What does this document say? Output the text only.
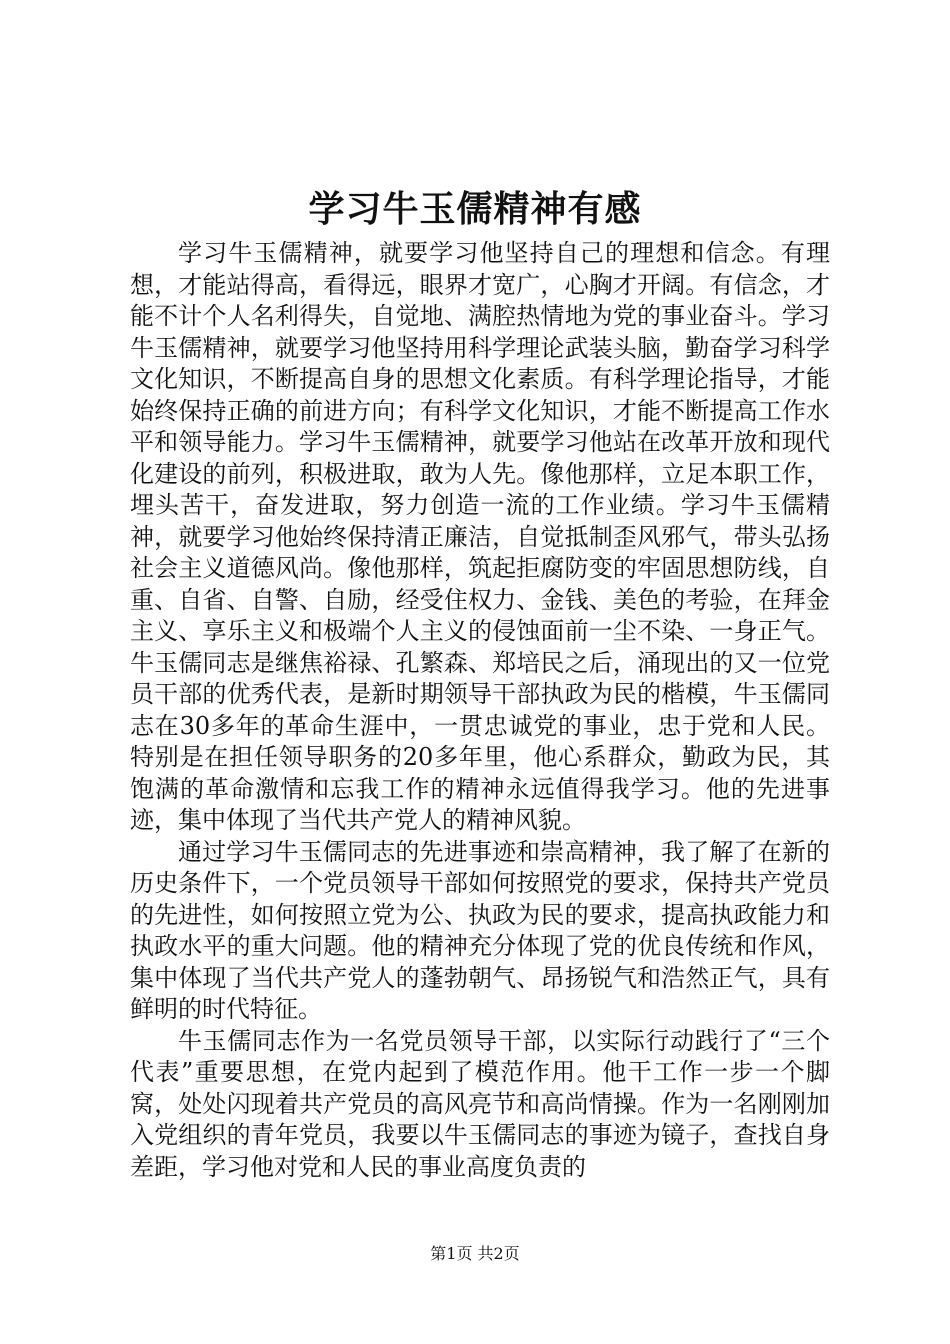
学习牛玉儒精神有感

学习牛玉儒精神，就要学习他坚持自己的理想和信念。有理想，才能站得高，看得远，眼界才宽广，心胸才开阔。有信念，才能不计个人名利得失，自觉地、满腔热情地为党的事业奋斗。学习牛玉儒精神，就要学习他坚持用科学理论武装头脑，勤奋学习科学文化知识，不断提高自身的思想文化素质。有科学理论指导，才能始终保持正确的前进方向；有科学文化知识，才能不断提高工作水平和领导能力。学习牛玉儒精神，就要学习他站在改革开放和现代化建设的前列，积极进取，敢为人先。像他那样，立足本职工作，埋头苦干，奋发进取，努力创造一流的工作业绩。学习牛玉儒精神，就要学习他始终保持清正廉洁，自觉抵制歪风邪气，带头弘扬社会主义道德风尚。像他那样，筑起拒腐防变的牢固思想防线，自重、自省、自警、自励，经受住权力、金钱、美色的考验，在拜金主义、享乐主义和极端个人主义的侵蚀面前一尘不染、一身正气。牛玉儒同志是继焦裕禄、孔繁森、郑培民之后，涌现出的又一位党员干部的优秀代表，是新时期领导干部执政为民的楷模，牛玉儒同志在30多年的革命生涯中，一贯忠诚党的事业，忠于党和人民。特别是在担任领导职务的20多年里，他心系群众，勤政为民，其饱满的革命激情和忘我工作的精神永远值得我学习。他的先进事迹，集中体现了当代共产党人的精神风貌。

通过学习牛玉儒同志的先进事迹和崇高精神，我了解了在新的历史条件下，一个党员领导干部如何按照党的要求，保持共产党员的先进性，如何按照立党为公、执政为民的要求，提高执政能力和执政水平的重大问题。他的精神充分体现了党的优良传统和作风，集中体现了当代共产党人的蓬勃朝气、昂扬锐气和浩然正气，具有鲜明的时代特征。

牛玉儒同志作为一名党员领导干部，以实际行动践行了“三个代表”重要思想，在党内起到了模范作用。他干工作一步一个脚窝，处处闪现着共产党员的高风亮节和高尚情操。作为一名刚刚加入党组织的青年党员，我要以牛玉儒同志的事迹为镜子，查找自身差距，学习他对党和人民的事业高度负责的

第1页 共2页
